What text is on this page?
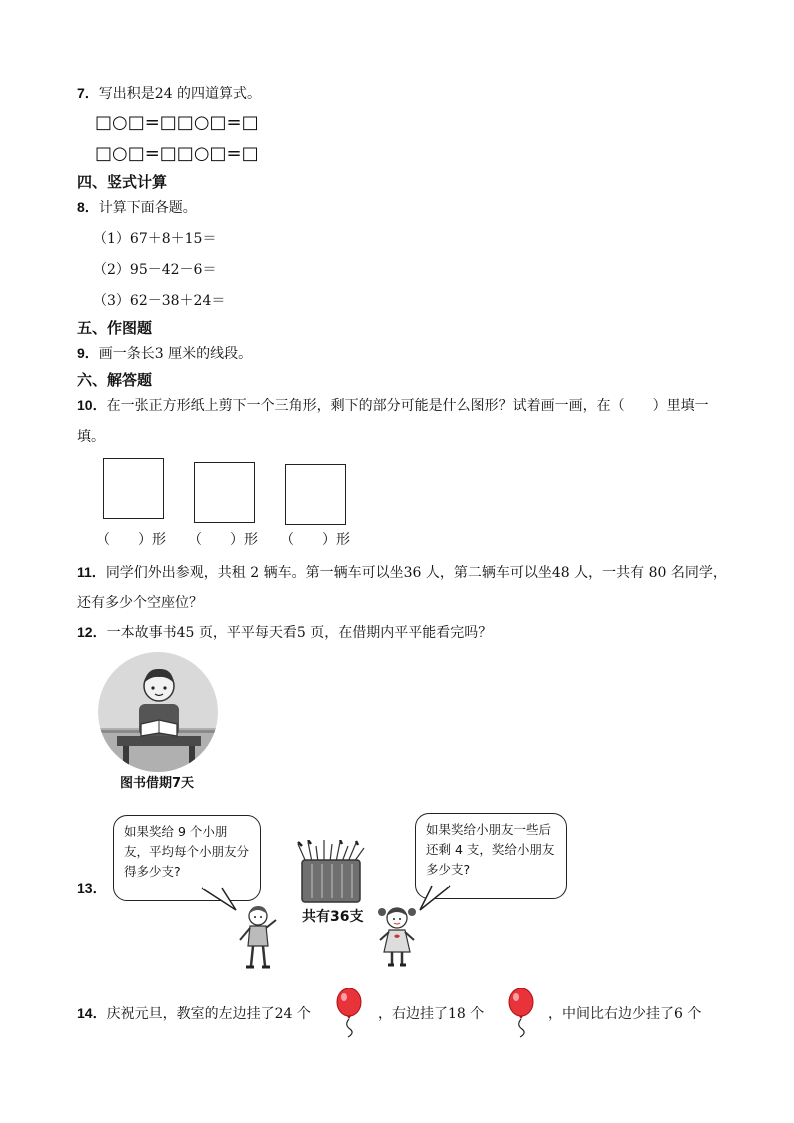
7．写出积是24 的四道算式。
□○□=□□○□=□
□○□=□□○□=□
四、竖式计算
8．计算下面各题。
（1）67＋8＋15＝
（2）95－42－6＝
（3）62－38＋24＝
五、作图题
9．画一条长3 厘米的线段。
六、解答题
10．在一张正方形纸上剪下一个三角形，剩下的部分可能是什么图形？试着画一画，在（　　）里填一
填。
（　　）形 （　　）形 （　　）形
11．同学们外出参观，共租 2 辆车。第一辆车可以坐36 人，第二辆车可以坐48 人，一共有 80 名同学，
还有多少个空座位？
12．一本故事书45 页，平平每天看5 页，在借期内平平能看完吗？
图书借期7天
13．
如果奖给 9 个小朋友，平均每个小朋友分得多少支?
如果奖给小朋友一些后还剩 4 支，奖给小朋友多少支?
共有36支
14．庆祝元旦，教室的左边挂了24 个	，右边挂了18 个	，中间比右边少挂了6 个
